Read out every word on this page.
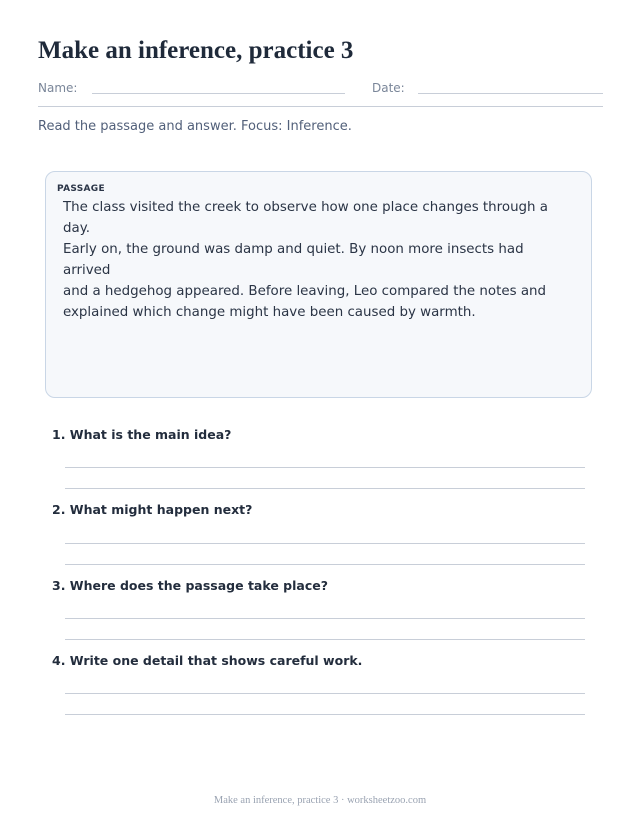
Make an inference, practice 3
Name:	Date:
Read the passage and answer. Focus: Inference.
PASSAGE
The class visited the creek to observe how one place changes through a day.
Early on, the ground was damp and quiet. By noon more insects had arrived
and a hedgehog appeared. Before leaving, Leo compared the notes and
explained which change might have been caused by warmth.
1. What is the main idea?
2. What might happen next?
3. Where does the passage take place?
4. Write one detail that shows careful work.
Make an inference, practice 3 · worksheetzoo.com
